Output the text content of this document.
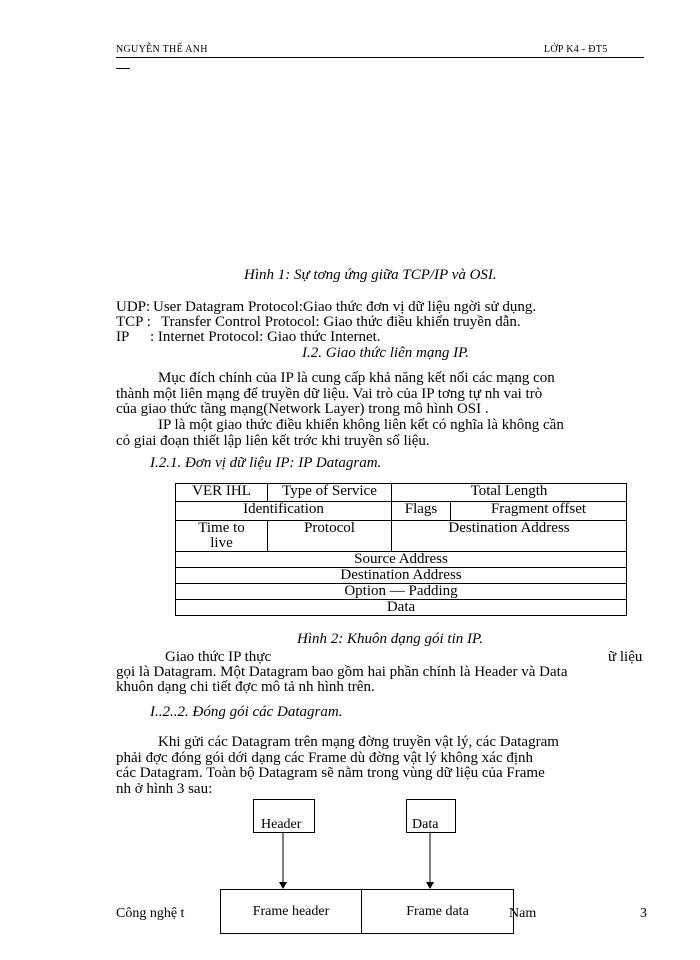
NGUYỄN THẾ ANH	LỚP K4 - ĐT5
Hình 1: Sự tơng ứng giữa TCP/IP và OSI.
UDP: User Datagram Protocol:Giao thức đơn vị dữ liệu ngời sử dụng.
TCP : Transfer Control Protocol: Giao thức điều khiển truyền dẫn.
IP : Internet Protocol: Giao thức Internet.
I.2. Giao thức liên mạng IP.
Mục đích chính của IP là cung cấp khả năng kết nối các mạng con
thành một liên mạng để truyền dữ liệu. Vai trò của IP tơng tự nh vai trò
của giao thức tầng mạng(Network Layer) trong mô hình OSI .
IP là một giao thức điều khiển không liên kết có nghĩa là không cần
có giai đoạn thiết lập liên kết trớc khi truyền số liệu.
I.2.1. Đơn vị dữ liệu IP: IP Datagram.
VER IHL	Type of Service	Total Length	
Identification		Flags	Fragment offset

Time to
live	Protocol	Destination Address	
Source Address			
Destination Address			
Option — Padding			
Data			
Hình 2: Khuôn dạng gói tin IP.
Giao thức IP thực	ữ liệu
gọi là Datagram. Một Datagram bao gồm hai phần chính là Header và Data
khuôn dạng chi tiết đợc mô tả nh hình trên.
I..2..2. Đóng gói các Datagram.
Khi gửi các Datagram trên mạng đờng truyền vật lý, các Datagram
phải đợc đóng gói dới dạng các Frame dù đờng vật lý không xác định
các Datagram. Toàn bộ Datagram sẽ nằm trong vùng dữ liệu của Frame
nh ở hình 3 sau:
Header	Data
Frame header	Frame data
Công nghệ t	Nam	3
